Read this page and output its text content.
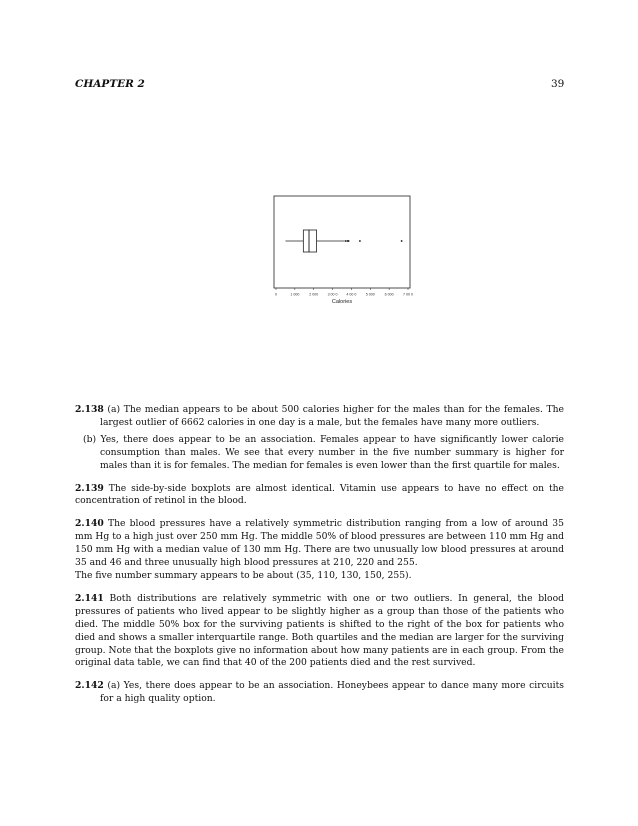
CHAPTER 2	39
0	1 000	2 000	3 00 0 4 00 0	5 000	6 000	7 00 0
Calories
2.138 (a) The median appears to be about 500 calories higher for the males than for the females. The largest outlier of 6662 calories in one day is a male, but the females have many more outliers.
(b) Yes, there does appear to be an association. Females appear to have significantly lower calorie consumption than males. We see that every number in the five number summary is higher for males than it is for females. The median for females is even lower than the first quartile for males.
2.139 The side-by-side boxplots are almost identical. Vitamin use appears to have no effect on the concentration of retinol in the blood.
2.140 The blood pressures have a relatively symmetric distribution ranging from a low of around 35 mm Hg to a high just over 250 mm Hg. The middle 50% of blood pressures are between 110 mm Hg and 150 mm Hg with a median value of 130 mm Hg. There are two unusually low blood pressures at around 35 and 46 and three unusually high blood pressures at 210, 220 and 255.
The five number summary appears to be about (35, 110, 130, 150, 255).
2.141 Both distributions are relatively symmetric with one or two outliers. In general, the blood pressures of patients who lived appear to be slightly higher as a group than those of the patients who died. The middle 50% box for the surviving patients is shifted to the right of the box for patients who died and shows a smaller interquartile range. Both quartiles and the median are larger for the surviving group. Note that the boxplots give no information about how many patients are in each group. From the original data table, we can find that 40 of the 200 patients died and the rest survived.
2.142 (a) Yes, there does appear to be an association. Honeybees appear to dance many more circuits for a high quality option.
